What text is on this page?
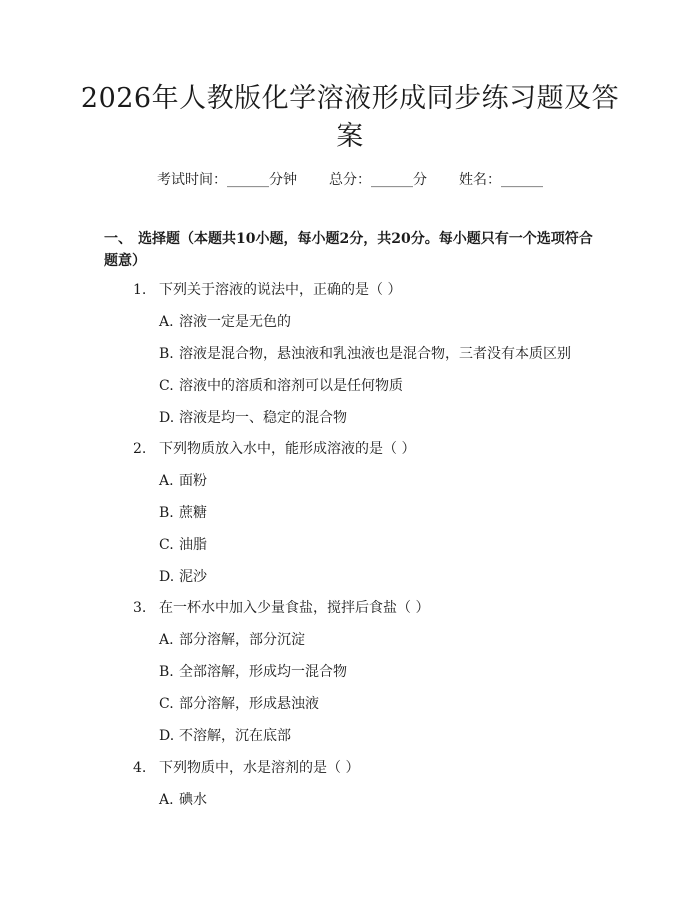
2026年人教版化学溶液形成同步练习题及答案
考试时间：______分钟 总分：______分 姓名：______
一、 选择题（本题共10小题，每小题2分，共20分。每小题只有一个选项符合题意）
1. 下列关于溶液的说法中，正确的是（ ）
A. 溶液一定是无色的
B. 溶液是混合物，悬浊液和乳浊液也是混合物，三者没有本质区别
C. 溶液中的溶质和溶剂可以是任何物质
D. 溶液是均一、稳定的混合物
2. 下列物质放入水中，能形成溶液的是（ ）
A. 面粉
B. 蔗糖
C. 油脂
D. 泥沙
3. 在一杯水中加入少量食盐，搅拌后食盐（ ）
A. 部分溶解，部分沉淀
B. 全部溶解，形成均一混合物
C. 部分溶解，形成悬浊液
D. 不溶解，沉在底部
4. 下列物质中，水是溶剂的是（ ）
A. 碘水
